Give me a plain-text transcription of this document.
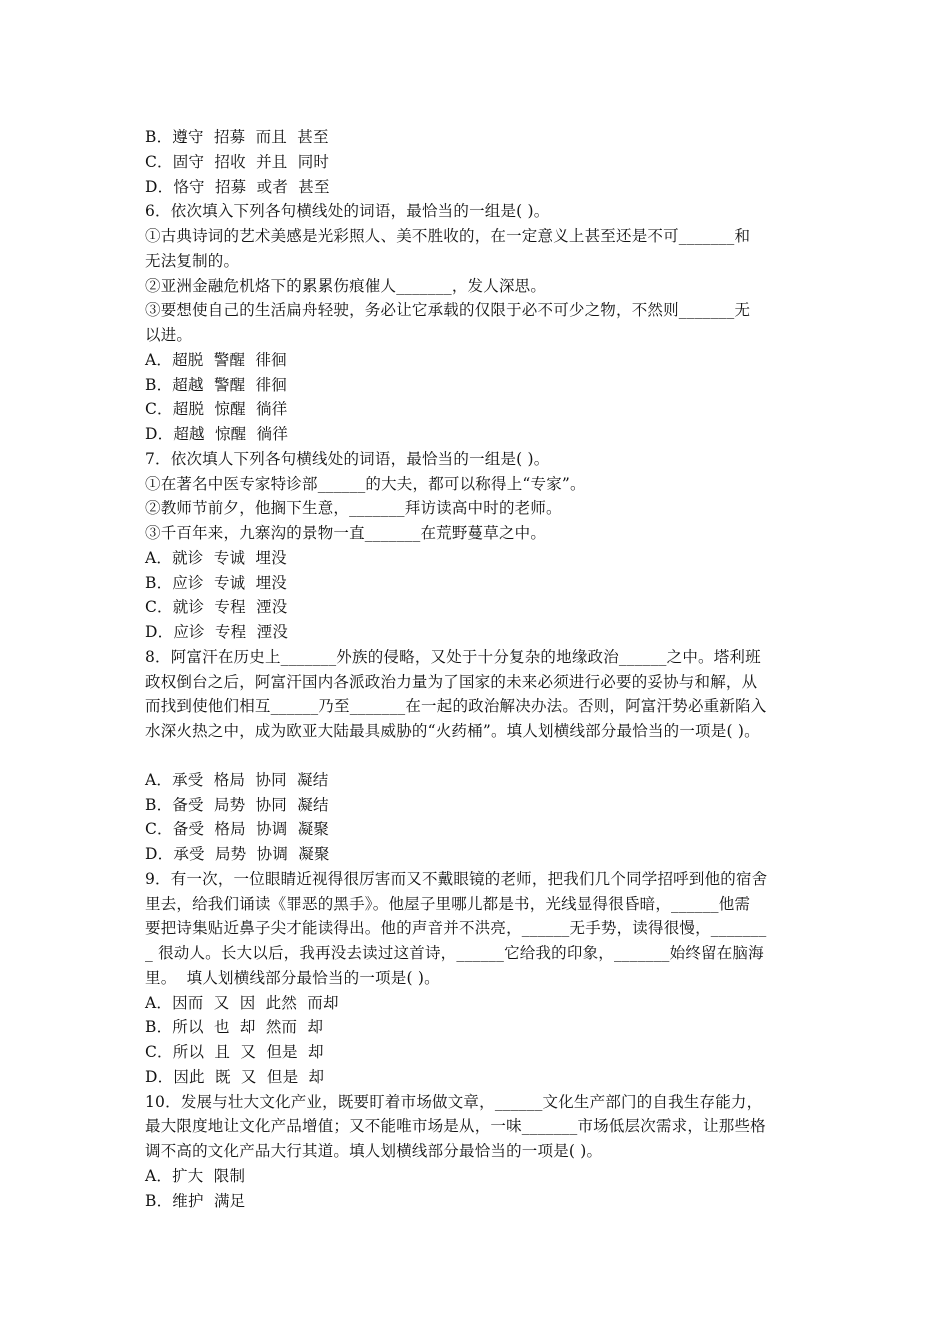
B．遵守  招募  而且  甚至

C．固守  招收  并且  同时

D．恪守  招募  或者  甚至

6．依次填入下列各句横线处的词语，最恰当的一组是( )。

①古典诗词的艺术美感是光彩照人、美不胜收的，在一定意义上甚至还是不可_______和

无法复制的。

②亚洲金融危机烙下的累累伤痕催人_______，发人深思。

③要想使自己的生活扁舟轻驶，务必让它承载的仅限于必不可少之物，不然则_______无

以进。

A．超脱  警醒  徘徊

B．超越  警醒  徘徊

C．超脱  惊醒  徜徉

D．超越  惊醒  徜徉

7．依次填人下列各句横线处的词语，最恰当的一组是( )。

①在著名中医专家特诊部______的大夫，都可以称得上“专家”。

②教师节前夕，他搁下生意，_______拜访读高中时的老师。

③千百年来，九寨沟的景物一直_______在荒野蔓草之中。

A．就诊  专诚  埋没

B．应诊  专诚  埋没

C．就诊  专程  湮没

D．应诊  专程  湮没

8．阿富汗在历史上_______外族的侵略，又处于十分复杂的地缘政治______之中。塔利班

政权倒台之后，阿富汗国内各派政治力量为了国家的未来必须进行必要的妥协与和解，从

而找到使他们相互______乃至_______在一起的政治解决办法。否则，阿富汗势必重新陷入

水深火热之中，成为欧亚大陆最具威胁的“火药桶”。填人划横线部分最恰当的一项是( )。

A．承受  格局  协同  凝结

B．备受  局势  协同  凝结

C．备受  格局  协调  凝聚

D．承受  局势  协调  凝聚

9．有一次，一位眼睛近视得很厉害而又不戴眼镜的老师，把我们几个同学招呼到他的宿舍

里去，给我们诵读《罪恶的黑手》。他屋子里哪儿都是书，光线显得很昏暗，______他需

要把诗集贴近鼻子尖才能读得出。他的声音并不洪亮，______无手势，读得很慢，_______

_ 很动人。长大以后，我再没去读过这首诗，______它给我的印象，_______始终留在脑海

里。  填人划横线部分最恰当的一项是( )。

A．因而  又  因  此然  而却

B．所以  也  却  然而  却

C．所以  且  又  但是  却

D．因此  既  又  但是  却

10．发展与壮大文化产业，既要盯着市场做文章，______文化生产部门的自我生存能力，

最大限度地让文化产品增值；又不能唯市场是从，一味_______市场低层次需求，让那些格

调不高的文化产品大行其道。填人划横线部分最恰当的一项是( )。

A．扩大  限制

B．维护  满足
